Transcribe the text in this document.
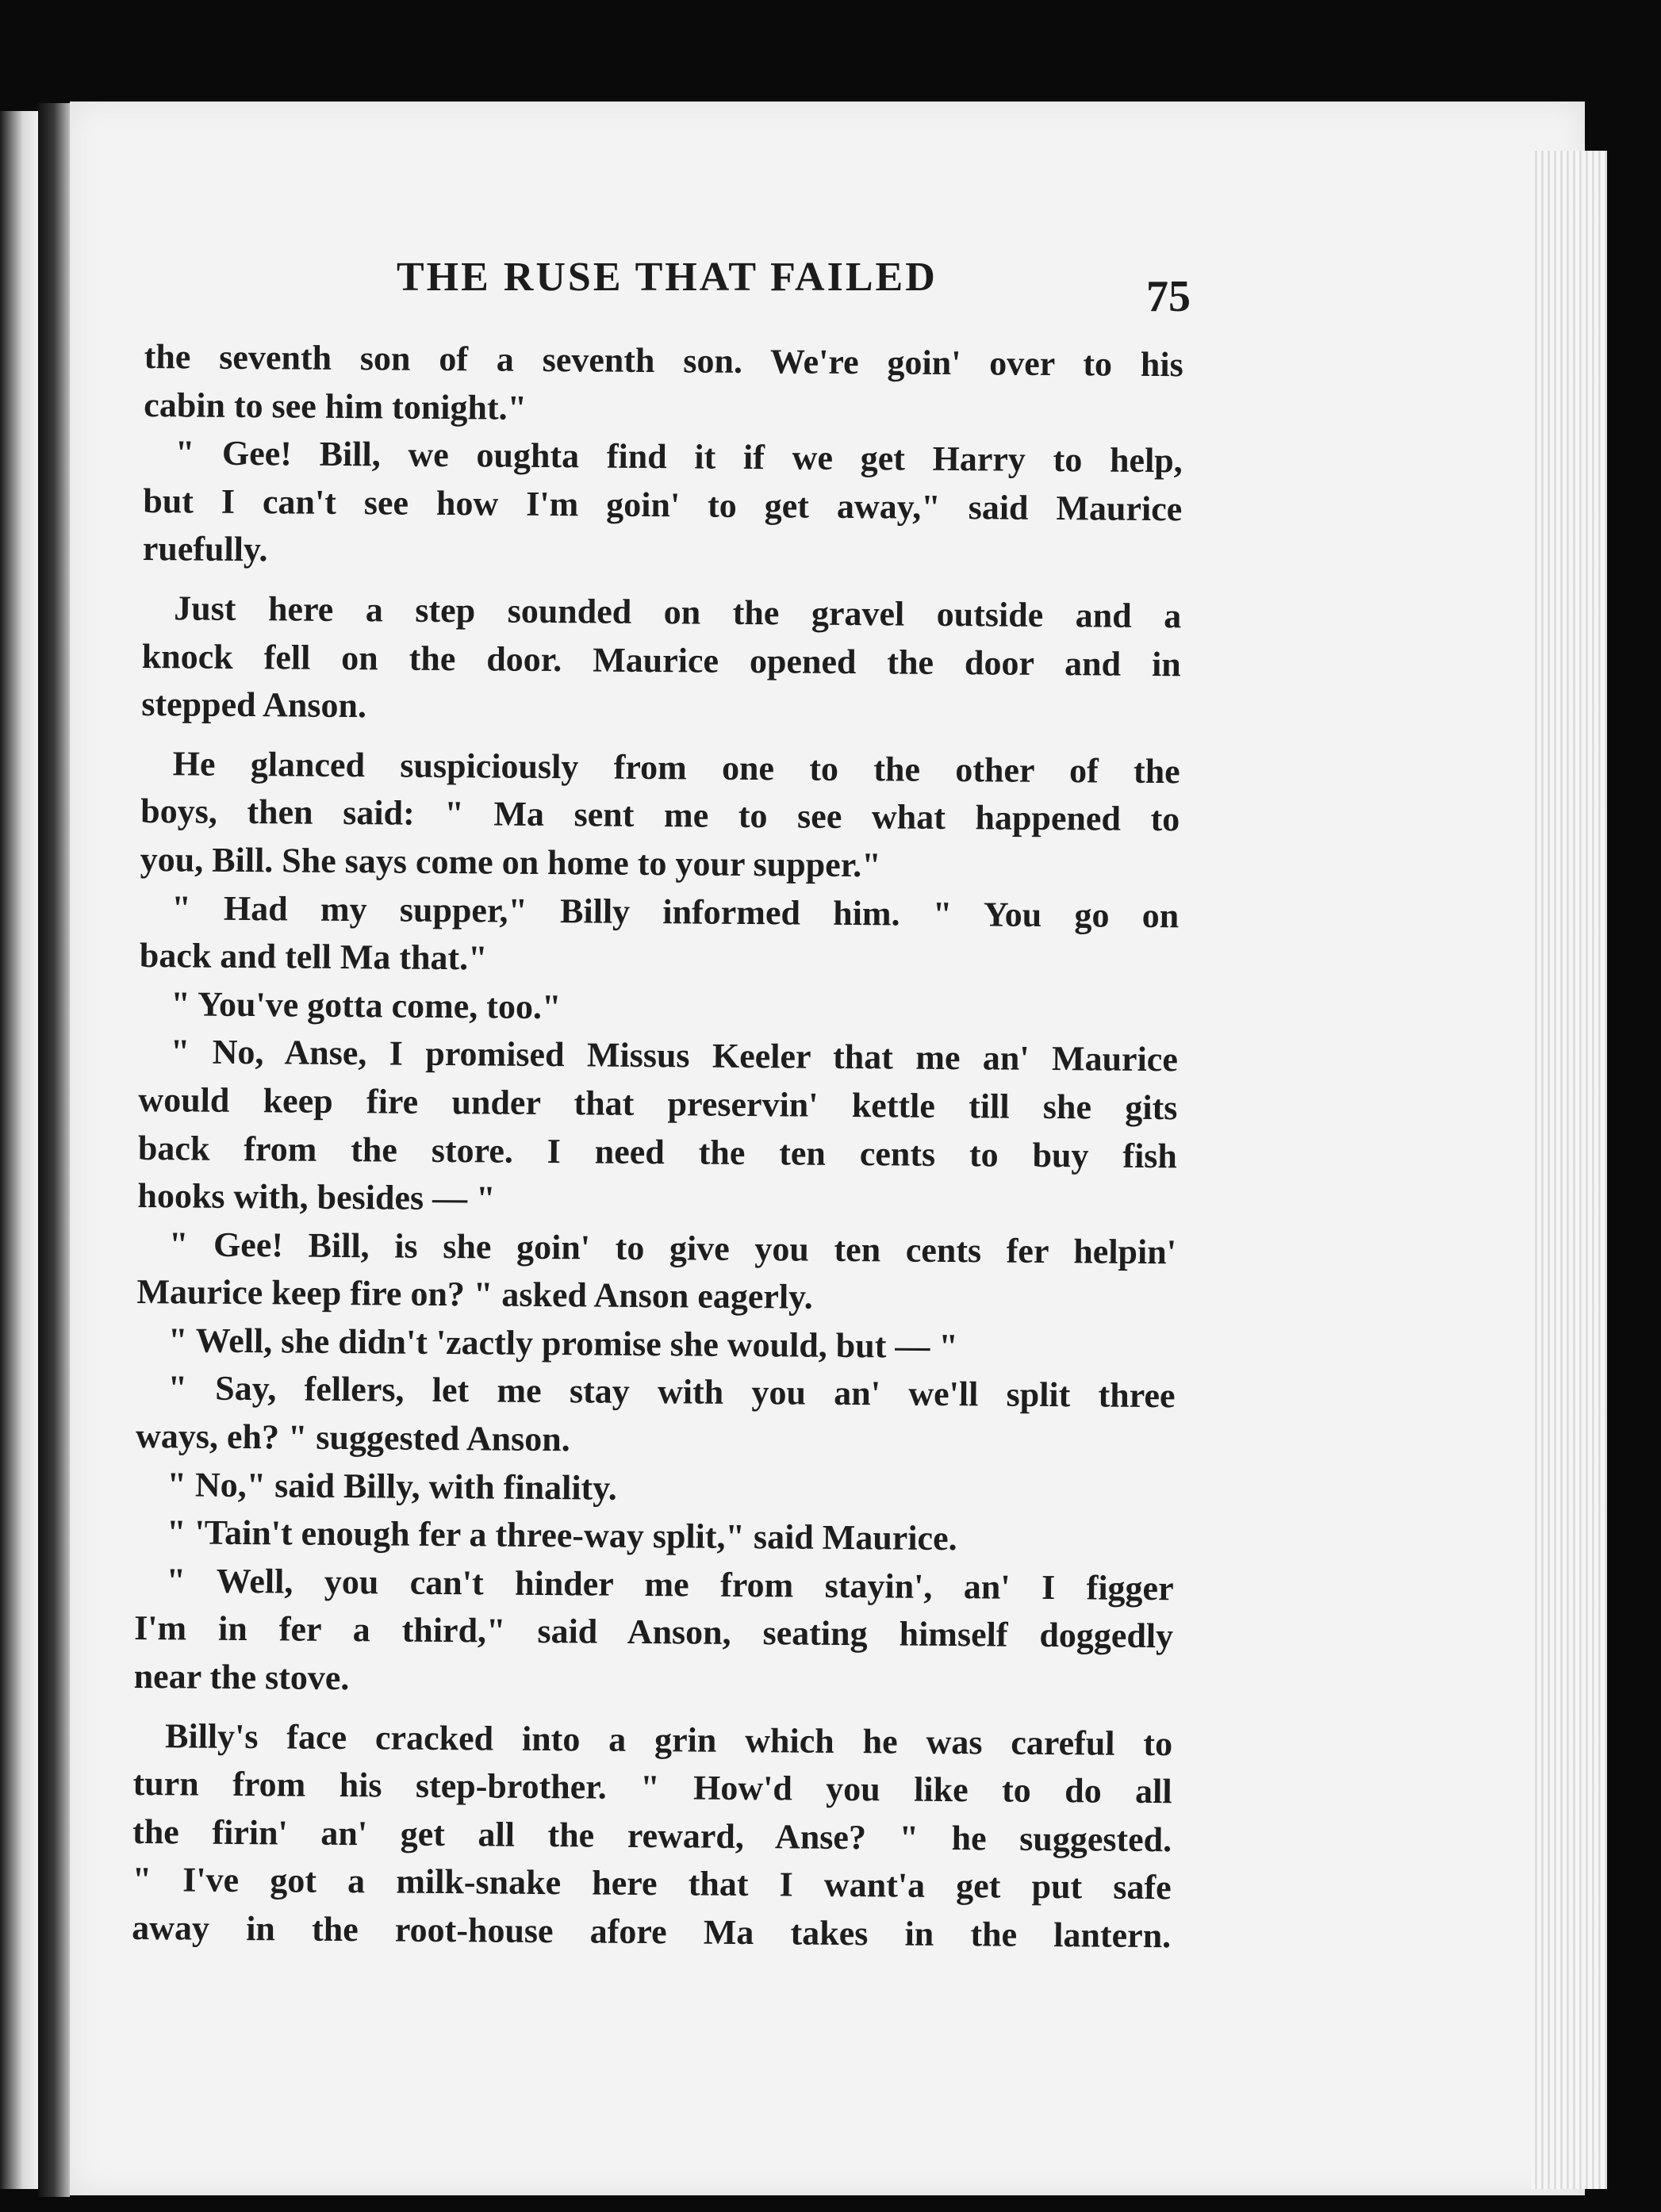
THE RUSE THAT FAILED	75
the seventh son of a seventh son. We're goin' over to his
cabin to see him tonight."
" Gee! Bill, we oughta find it if we get Harry to help,
but I can't see how I'm goin' to get away," said Maurice
ruefully.
Just here a step sounded on the gravel outside and a
knock fell on the door. Maurice opened the door and in
stepped Anson.
He glanced suspiciously from one to the other of the
boys, then said: " Ma sent me to see what happened to
you, Bill. She says come on home to your supper."
" Had my supper," Billy informed him. " You go on
back and tell Ma that."
" You've gotta come, too."
" No, Anse, I promised Missus Keeler that me an' Maurice
would keep fire under that preservin' kettle till she gits
back from the store. I need the ten cents to buy fish
hooks with, besides — "
" Gee! Bill, is she goin' to give you ten cents fer helpin'
Maurice keep fire on? " asked Anson eagerly.
" Well, she didn't 'zactly promise she would, but — "
" Say, fellers, let me stay with you an' we'll split three
ways, eh? " suggested Anson.
" No," said Billy, with finality.
" 'Tain't enough fer a three-way split," said Maurice.
" Well, you can't hinder me from stayin', an' I figger
I'm in fer a third," said Anson, seating himself doggedly
near the stove.
Billy's face cracked into a grin which he was careful to
turn from his step-brother. " How'd you like to do all
the firin' an' get all the reward, Anse? " he suggested.
" I've got a milk-snake here that I want'a get put safe
away in the root-house afore Ma takes in the lantern.
